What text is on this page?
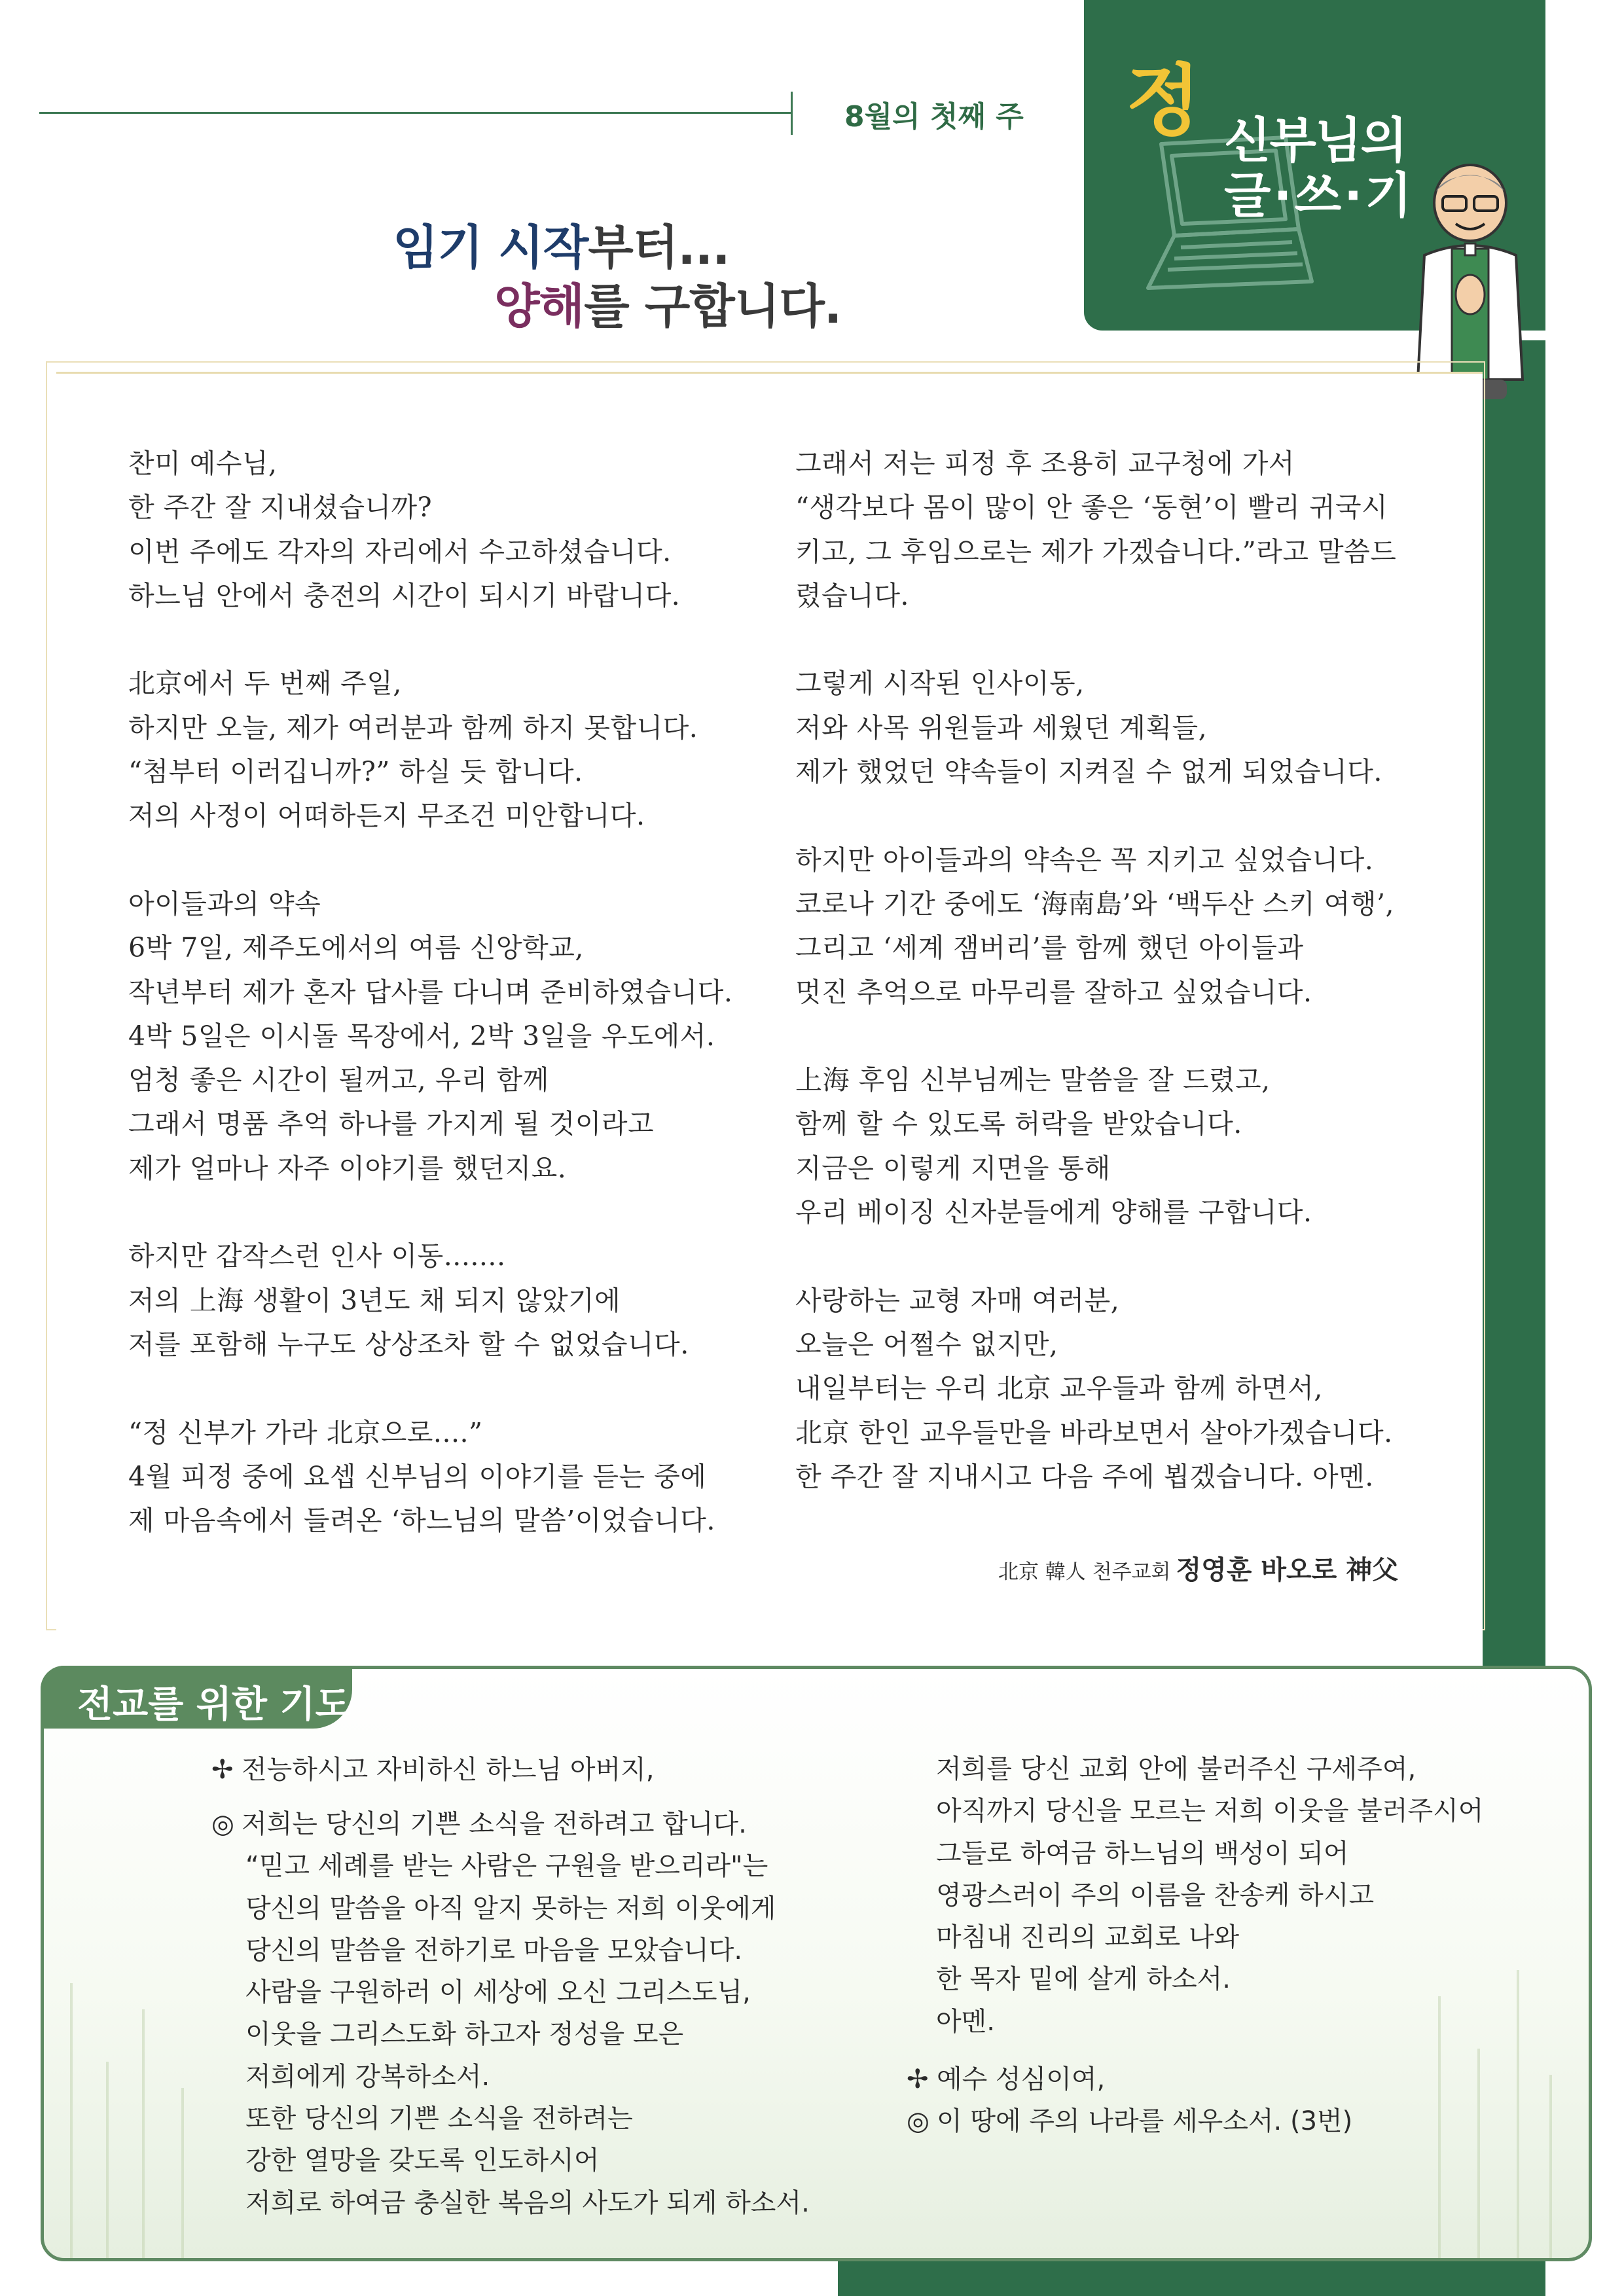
8월의 첫째 주 정 신부님의
글·쓰·기
임기 시작부터...
양해를 구합니다.
찬미 예수님,
한 주간 잘 지내셨습니까?
이번 주에도 각자의 자리에서 수고하셨습니다.
하느님 안에서 충전의 시간이 되시기 바랍니다.

北京에서 두 번째 주일,
하지만 오늘, 제가 여러분과 함께 하지 못합니다.
“첨부터 이러깁니까?” 하실 듯 합니다.
저의 사정이 어떠하든지 무조건 미안합니다.

아이들과의 약속
6박 7일, 제주도에서의 여름 신앙학교,
작년부터 제가 혼자 답사를 다니며 준비하였습니다.
4박 5일은 이시돌 목장에서, 2박 3일을 우도에서.
엄청 좋은 시간이 될꺼고, 우리 함께
그래서 명품 추억 하나를 가지게 될 것이라고
제가 얼마나 자주 이야기를 했던지요.

하지만 갑작스런 인사 이동.......
저의 上海 생활이 3년도 채 되지 않았기에
저를 포함해 누구도 상상조차 할 수 없었습니다.

“정 신부가 가라 北京으로....”
4월 피정 중에 요셉 신부님의 이야기를 듣는 중에
제 마음속에서 들려온 ‘하느님의 말씀’이었습니다.
그래서 저는 피정 후 조용히 교구청에 가서
“생각보다 몸이 많이 안 좋은 ‘동현’이 빨리 귀국시
키고, 그 후임으로는 제가 가겠습니다.”라고 말씀드
렸습니다.

그렇게 시작된 인사이동,
저와 사목 위원들과 세웠던 계획들,
제가 했었던 약속들이 지켜질 수 없게 되었습니다.

하지만 아이들과의 약속은 꼭 지키고 싶었습니다.
코로나 기간 중에도 ‘海南島’와 ‘백두산 스키 여행’,
그리고 ‘세계 잼버리’를 함께 했던 아이들과
멋진 추억으로 마무리를 잘하고 싶었습니다.

上海 후임 신부님께는 말씀을 잘 드렸고,
함께 할 수 있도록 허락을 받았습니다.
지금은 이렇게 지면을 통해
우리 베이징 신자분들에게 양해를 구합니다.

사랑하는 교형 자매 여러분,
오늘은 어쩔수 없지만,
내일부터는 우리 北京 교우들과 함께 하면서,
北京 한인 교우들만을 바라보면서 살아가겠습니다.
한 주간 잘 지내시고 다음 주에 뵙겠습니다. 아멘.
北京 韓人 천주교회 정영훈 바오로 神父
전교를 위한 기도
✢ 전능하시고 자비하신 하느님 아버지,
◎ 저희는 당신의 기쁜 소식을 전하려고 합니다.
“믿고 세례를 받는 사람은 구원을 받으리라"는
당신의 말씀을 아직 알지 못하는 저희 이웃에게
당신의 말씀을 전하기로 마음을 모았습니다.
사람을 구원하러 이 세상에 오신 그리스도님,
이웃을 그리스도화 하고자 정성을 모은
저희에게 강복하소서.
또한 당신의 기쁜 소식을 전하려는
강한 열망을 갖도록 인도하시어
저희로 하여금 충실한 복음의 사도가 되게 하소서.
저희를 당신 교회 안에 불러주신 구세주여,
아직까지 당신을 모르는 저희 이웃을 불러주시어
그들로 하여금 하느님의 백성이 되어
영광스러이 주의 이름을 찬송케 하시고
마침내 진리의 교회로 나와
한 목자 밑에 살게 하소서.
아멘.
✢ 예수 성심이여,
◎ 이 땅에 주의 나라를 세우소서. (3번)
